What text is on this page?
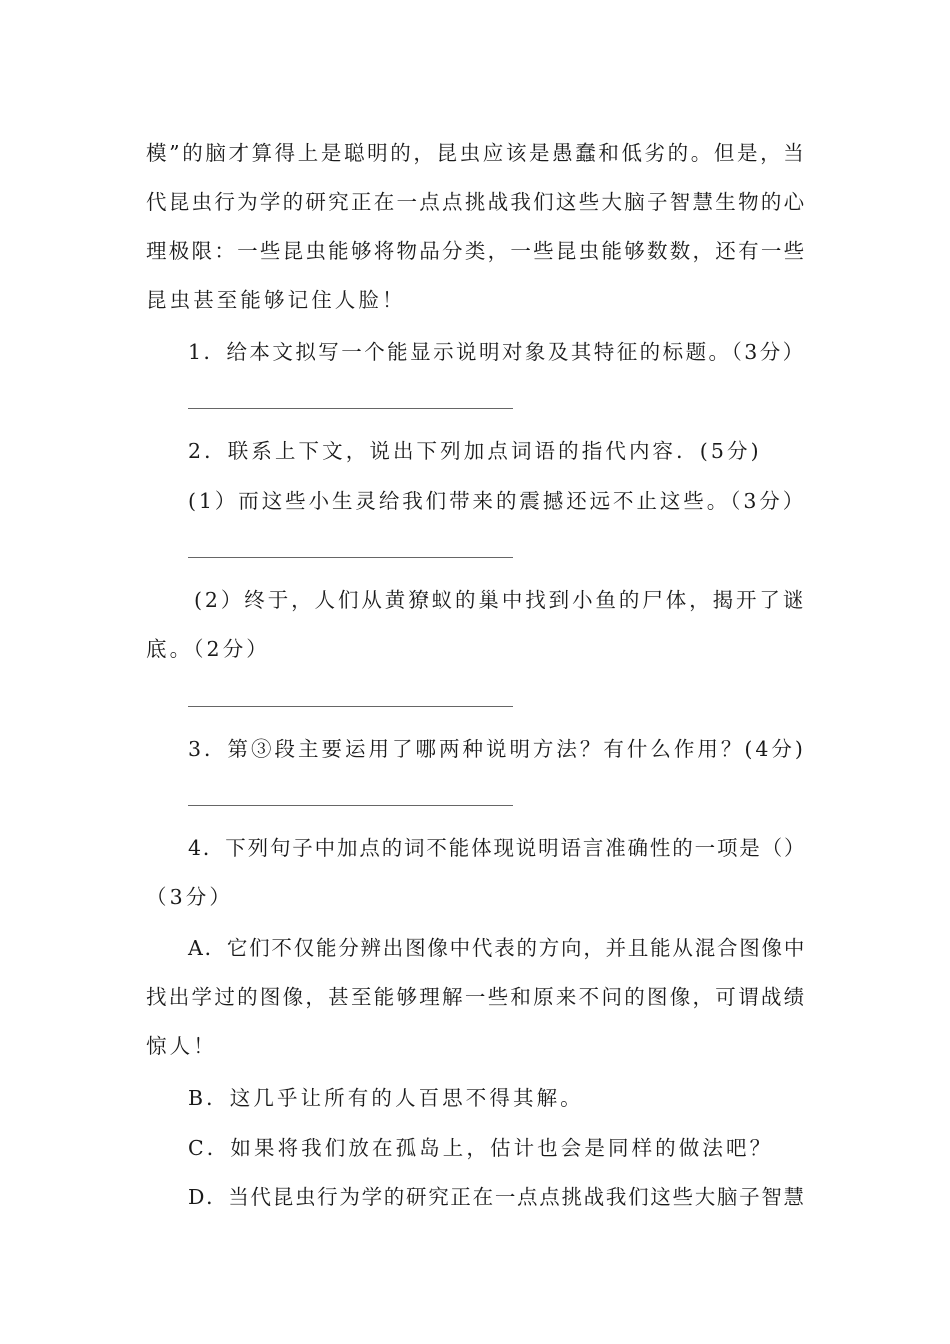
模”的脑才算得上是聪明的，昆虫应该是愚蠢和低劣的。但是，当
代昆虫行为学的研究正在一点点挑战我们这些大脑子智慧生物的心
理极限：一些昆虫能够将物品分类，一些昆虫能够数数，还有一些
昆虫甚至能够记住人脸！
1．给本文拟写一个能显示说明对象及其特征的标题。（3分）
2．联系上下文，说出下列加点词语的指代内容．(5分)
(1）而这些小生灵给我们带来的震撼还远不止这些。（3分）
(2）终于，人们从黄獠蚁的巢中找到小鱼的尸体，揭开了谜
底。（2分）
3．第③段主要运用了哪两种说明方法？有什么作用？(4分)
4．下列句子中加点的词不能体现说明语言准确性的一项是（）
（3分）
A．它们不仅能分辨出图像中代表的方向，并且能从混合图像中
找出学过的图像，甚至能够理解一些和原来不问的图像，可谓战绩
惊人！
B．这几乎让所有的人百思不得其解。
C．如果将我们放在孤岛上，估计也会是同样的做法吧？
D．当代昆虫行为学的研究正在一点点挑战我们这些大脑子智慧
